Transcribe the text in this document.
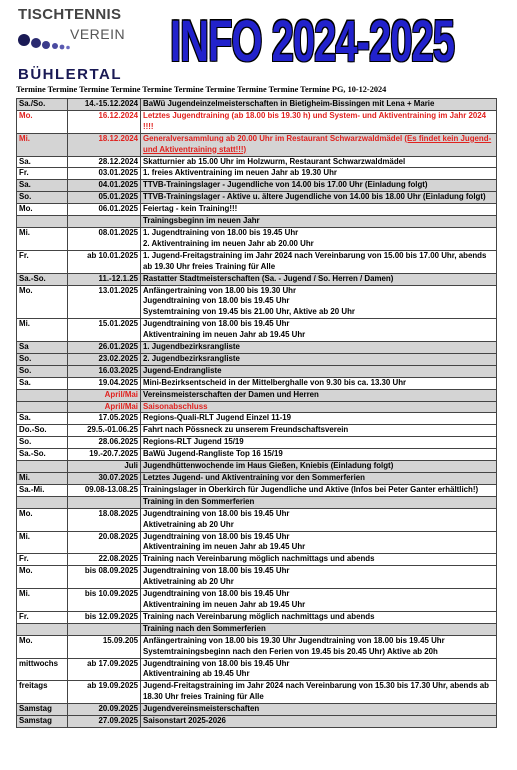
TISCHTENNIS
VEREIN
BÜHLERTAL
INFO 2024-2025
Termine Termine Termine Termine Termine Termine Termine Termine Termine Termine PG, 10-12-2024
Sa./So.	14.-15.12.2024	BaWü Jugendeinzelmeisterschaften in Bietigheim-Bissingen mit Lena + Marie
Mo.	16.12.2024	Letztes Jugendtraining (ab 18.00 bis 19.30 h) und System- und Aktiventraining im Jahr 2024 !!!!
Mi.	18.12.2024	Generalversammlung ab 20.00 Uhr im Restaurant Schwarzwaldmädel (Es findet kein Jugend- und Aktiventraining statt!!!)
Sa.	28.12.2024	Skatturnier ab 15.00 Uhr im Holzwurm, Restaurant Schwarzwaldmädel
Fr.	03.01.2025	1. freies Aktiventraining im neuen Jahr ab 19.30 Uhr
Sa.	04.01.2025	TTVB-Trainingslager - Jugendliche von 14.00 bis 17.00 Uhr (Einladung folgt)
So.	05.01.2025	TTVB-Trainingslager - Aktive u. ältere Jugendliche von 14.00 bis 18.00 Uhr (Einladung folgt)
Mo.	06.01.2025	Feiertag - kein Training!!!
		Trainingsbeginn im neuen Jahr
Mi.	08.01.2025	1. Jugendtraining von 18.00 bis 19.45 Uhr
2. Aktiventraining im neuen Jahr ab 20.00 Uhr
Fr.	ab 10.01.2025	1. Jugend-Freitagstraining im Jahr 2024 nach Vereinbarung von 15.00 bis 17.00 Uhr, abends ab 19.30 Uhr freies Training für Alle
Sa.-So.	11.-12.1.25	Rastatter Stadtmeisterschaften (Sa. - Jugend / So. Herren / Damen)
Mo.	13.01.2025	Anfängertraining von 18.00 bis 19.30 Uhr
Jugendtraining von 18.00 bis 19.45 Uhr
Systemtraining von 19.45 bis 21.00 Uhr, Aktive ab 20 Uhr
Mi.	15.01.2025	Jugendtraining von 18.00 bis 19.45 Uhr
Aktiventraining im neuen Jahr ab 19.45 Uhr
Sa	26.01.2025	1. Jugendbezirksrangliste
So.	23.02.2025	2. Jugendbezirksrangliste
So.	16.03.2025	Jugend-Endrangliste
Sa.	19.04.2025	Mini-Bezirksentscheid in der Mittelberghalle von 9.30 bis ca. 13.30 Uhr
	April/Mai	Vereinsmeisterschaften der Damen und Herren
	April/Mai	Saisonabschluss
Sa.	17.05.2025	Regions-Quali-RLT Jugend Einzel 11-19
Do.-So.	29.5.-01.06.25	Fahrt nach Pössneck zu unserem Freundschaftsverein
So.	28.06.2025	Regions-RLT Jugend 15/19
Sa.-So.	19.-20.7.2025	BaWü Jugend-Rangliste Top 16 15/19
	Juli	Jugendhüttenwochende im Haus Gießen, Kniebis (Einladung folgt)
Mi.	30.07.2025	Letztes Jugend- und Aktiventraining vor den Sommerferien
Sa.-Mi.	09.08-13.08.25	Trainingslager in Oberkirch für Jugendliche und Aktive (Infos bei Peter Ganter erhältlich!)
		Training in den Sommerferien
Mo.	18.08.2025	Jugendtraining von 18.00 bis 19.45 Uhr
Aktivetraining ab 20 Uhr
Mi.	20.08.2025	Jugendtraining von 18.00 bis 19.45 Uhr
Aktiventraining im neuen Jahr ab 19.45 Uhr
Fr.	22.08.2025	Training nach Vereinbarung möglich nachmittags und abends
Mo.	bis 08.09.2025	Jugendtraining von 18.00 bis 19.45 Uhr
Aktivetraining ab 20 Uhr
Mi.	bis 10.09.2025	Jugendtraining von 18.00 bis 19.45 Uhr
Aktiventraining im neuen Jahr ab 19.45 Uhr
Fr.	bis 12.09.2025	Training nach Vereinbarung möglich nachmittags und abends
		Training nach den Sommerferien
Mo.	15.09.205	Anfängertraining von 18.00 bis 19.30 Uhr Jugendtraining von 18.00 bis 19.45 Uhr
Systemtrainingsbeginn nach den Ferien von 19.45 bis 20.45 Uhr) Aktive ab 20h
mittwochs	ab 17.09.2025	Jugendtraining von 18.00 bis 19.45 Uhr
Aktiventraining ab 19.45 Uhr
freitags	ab 19.09.2025	Jugend-Freitagstraining im Jahr 2024 nach Vereinbarung von 15.30 bis 17.30 Uhr, abends ab 18.30 Uhr freies Training für Alle
Samstag	20.09.2025	Jugendvereinsmeisterschaften
Samstag	27.09.2025	Saisonstart 2025-2026
